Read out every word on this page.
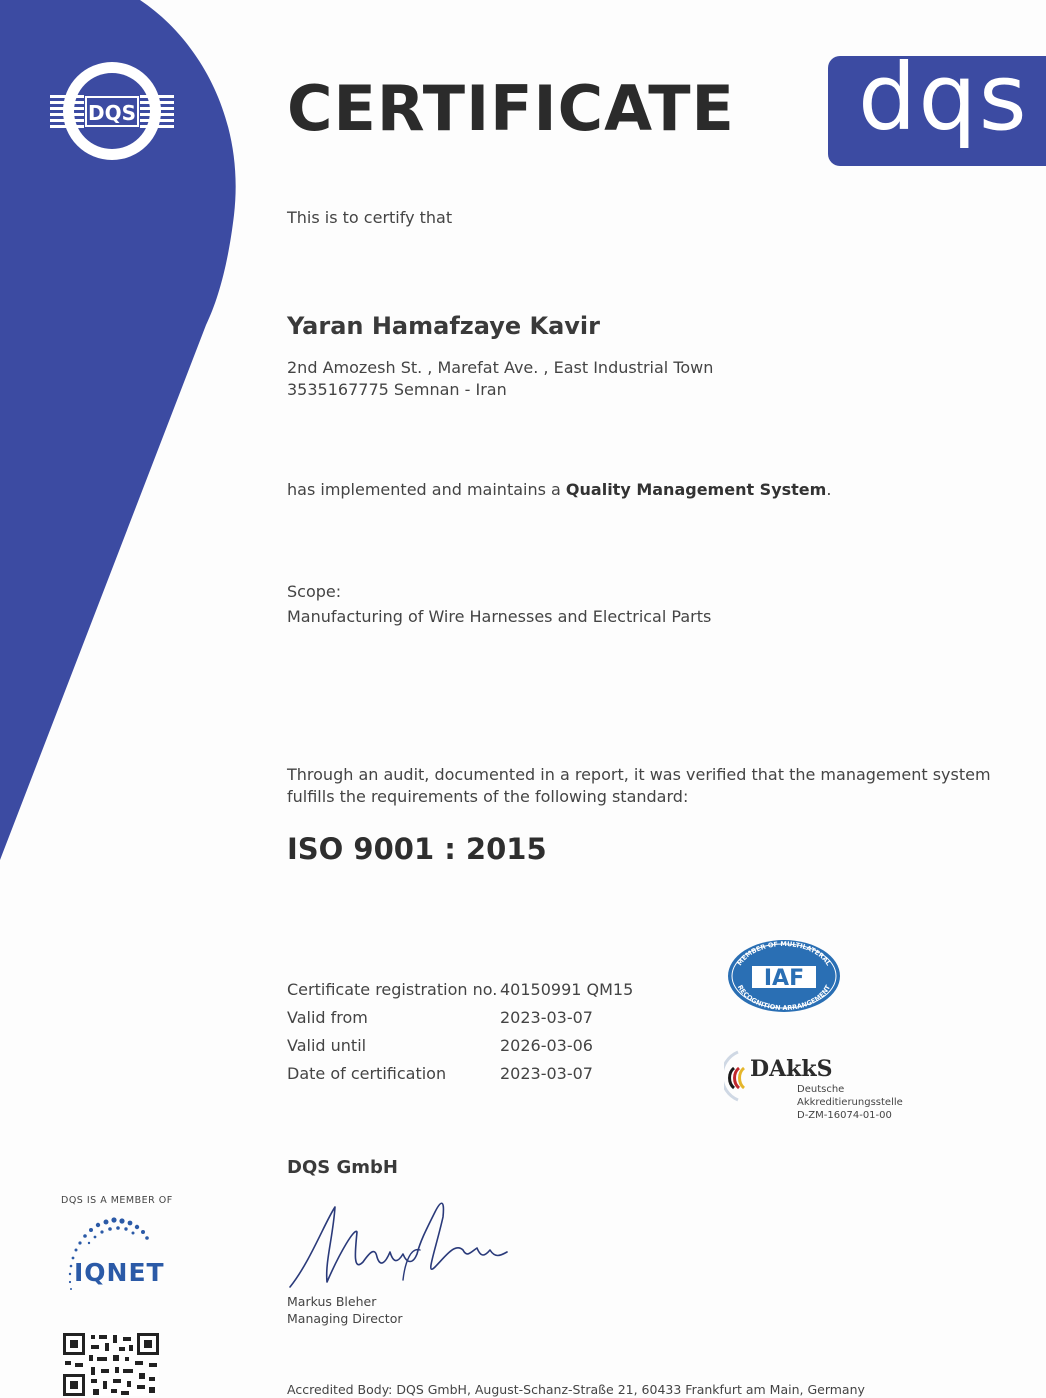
DQS CERTIFICATE dqs
This is to certify that
Yaran Hamafzaye Kavir
2nd Amozesh St. , Marefat Ave. , East Industrial Town
3535167775 Semnan - Iran
has implemented and maintains a Quality Management System.
Scope:
Manufacturing of Wire Harnesses and Electrical Parts
Through an audit, documented in a report, it was verified that the management system
fulfills the requirements of the following standard:
ISO 9001 : 2015
Certificate registration no. 40150991 QM15
Valid from	2023-03-07
Valid until	2026-03-06
Date of certification	2023-03-07
MEMBER OF MULTILATERAL
RECOGNITION ARRANGEMENT
IAF
DAkkS
Deutsche
Akkreditierungsstelle
D-ZM-16074-01-00
DQS GmbH
Markus Bleher
Managing Director
DQS IS A MEMBER OF
IQNET
Accredited Body: DQS GmbH, August-Schanz-Straße 21, 60433 Frankfurt am Main, Germany
